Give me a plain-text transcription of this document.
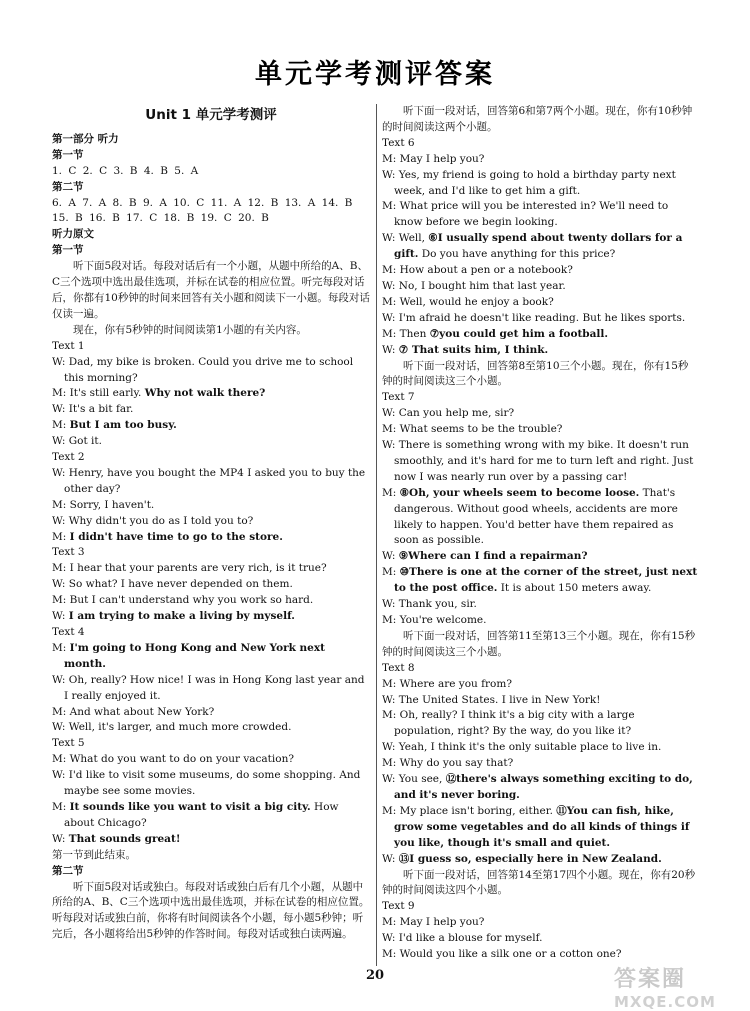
单元学考测评答案
Unit 1 单元学考测评

第一部分 听力

第一节

1. C 2. C 3. B 4. B 5. A

第二节

6. A 7. A 8. B 9. A 10. C 11. A 12. B 13. A 14. B

15. B 16. B 17. C 18. B 19. C 20. B

听力原文

第一节

听下面5段对话。每段对话后有一个小题，从题中所给的A、B、C三个选项中选出最佳选项，并标在试卷的相应位置。听完每段对话后，你都有10秒钟的时间来回答有关小题和阅读下一小题。每段对话仅读一遍。

现在，你有5秒钟的时间阅读第1小题的有关内容。

Text 1

W: Dad, my bike is broken. Could you drive me to school this morning?

M: It's still early. Why not walk there?

W: It's a bit far.

M: But I am too busy.

W: Got it.

Text 2

W: Henry, have you bought the MP4 I asked you to buy the other day?

M: Sorry, I haven't.

W: Why didn't you do as I told you to?

M: I didn't have time to go to the store.

Text 3

M: I hear that your parents are very rich, is it true?

W: So what? I have never depended on them.

M: But I can't understand why you work so hard.

W: I am trying to make a living by myself.

Text 4

M: I'm going to Hong Kong and New York next month.

W: Oh, really? How nice! I was in Hong Kong last year and I really enjoyed it.

M: And what about New York?

W: Well, it's larger, and much more crowded.

Text 5

M: What do you want to do on your vacation?

W: I'd like to visit some museums, do some shopping. And maybe see some movies.

M: It sounds like you want to visit a big city. How about Chicago?

W: That sounds great!

第一节到此结束。

第二节

听下面5段对话或独白。每段对话或独白后有几个小题，从题中所给的A、B、C三个选项中选出最佳选项，并标在试卷的相应位置。听每段对话或独白前，你将有时间阅读各个小题，每小题5秒钟；听完后，各小题将给出5秒钟的作答时间。每段对话或独白读两遍。

听下面一段对话，回答第6和第7两个小题。现在，你有10秒钟的时间阅读这两个小题。

Text 6

M: May I help you?

W: Yes, my friend is going to hold a birthday party next week, and I'd like to get him a gift.

M: What price will you be interested in? We'll need to know before we begin looking.

W: Well, ⑥I usually spend about twenty dollars for a gift. Do you have anything for this price?

M: How about a pen or a notebook?

W: No, I bought him that last year.

M: Well, would he enjoy a book?

W: I'm afraid he doesn't like reading. But he likes sports.

M: Then ⑦you could get him a football.

W: ⑦ That suits him, I think.

听下面一段对话，回答第8至第10三个小题。现在，你有15秒钟的时间阅读这三个小题。

Text 7

W: Can you help me, sir?

M: What seems to be the trouble?

W: There is something wrong with my bike. It doesn't run smoothly, and it's hard for me to turn left and right. Just now I was nearly run over by a passing car!

M: ⑧Oh, your wheels seem to become loose. That's dangerous. Without good wheels, accidents are more likely to happen. You'd better have them repaired as soon as possible.

W: ⑨Where can I find a repairman?

M: ⑩There is one at the corner of the street, just next to the post office. It is about 150 meters away.

W: Thank you, sir.

M: You're welcome.

听下面一段对话，回答第11至第13三个小题。现在，你有15秒钟的时间阅读这三个小题。

Text 8

M: Where are you from?

W: The United States. I live in New York!

M: Oh, really? I think it's a big city with a large population, right? By the way, do you like it?

W: Yeah, I think it's the only suitable place to live in.

M: Why do you say that?

W: You see, ⑫there's always something exciting to do, and it's never boring.

M: My place isn't boring, either. ⑪You can fish, hike, grow some vegetables and do all kinds of things if you like, though it's small and quiet.

W: ⑬I guess so, especially here in New Zealand.

听下面一段对话，回答第14至第17四个小题。现在，你有20秒钟的时间阅读这四个小题。

Text 9

M: May I help you?

W: I'd like a blouse for myself.

M: Would you like a silk one or a cotton one?

20	答案圈
MXQE.COM
